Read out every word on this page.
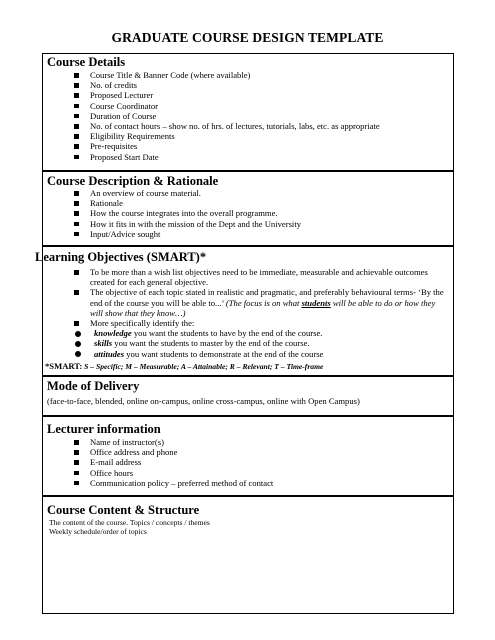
GRADUATE COURSE DESIGN TEMPLATE
Course Details
Course Title & Banner Code (where available)
No. of credits
Proposed Lecturer
Course Coordinator
Duration of Course
No. of contact hours – show no. of hrs. of lectures, tutorials, labs, etc. as appropriate
Eligibility Requirements
Pre-requisites
Proposed Start Date
Course Description & Rationale
An overview of course material.
Rationale
How the course integrates into the overall programme.
How it fits in with the mission of the Dept and the University
Input/Advice sought
Learning Objectives (SMART)*
To be more than a wish list objectives need to be immediate, measurable and achievable outcomes created for each general objective.
The objective of each topic stated in realistic and pragmatic, and preferably behavioural terms- ‘By the end of the course you will be able to...’ (The focus is on what students will be able to do or how they will show that they know…)
More specifically identify the:
knowledge you want the students to have by the end of the course.
skills you want the students to master by the end of the course.
attitudes you want students to demonstrate at the end of the course
*SMART: S – Specific; M – Measurable; A – Attainable; R – Relevant; T – Time-frame
Mode of Delivery
(face-to-face, blended, online on-campus, online cross-campus, online with Open Campus)
Lecturer information
Name of instructor(s)
Office address and phone
E-mail address
Office hours
Communication policy – preferred method of contact
Course Content & Structure
The content of the course. Topics / concepts / themes
Weekly schedule/order of topics
